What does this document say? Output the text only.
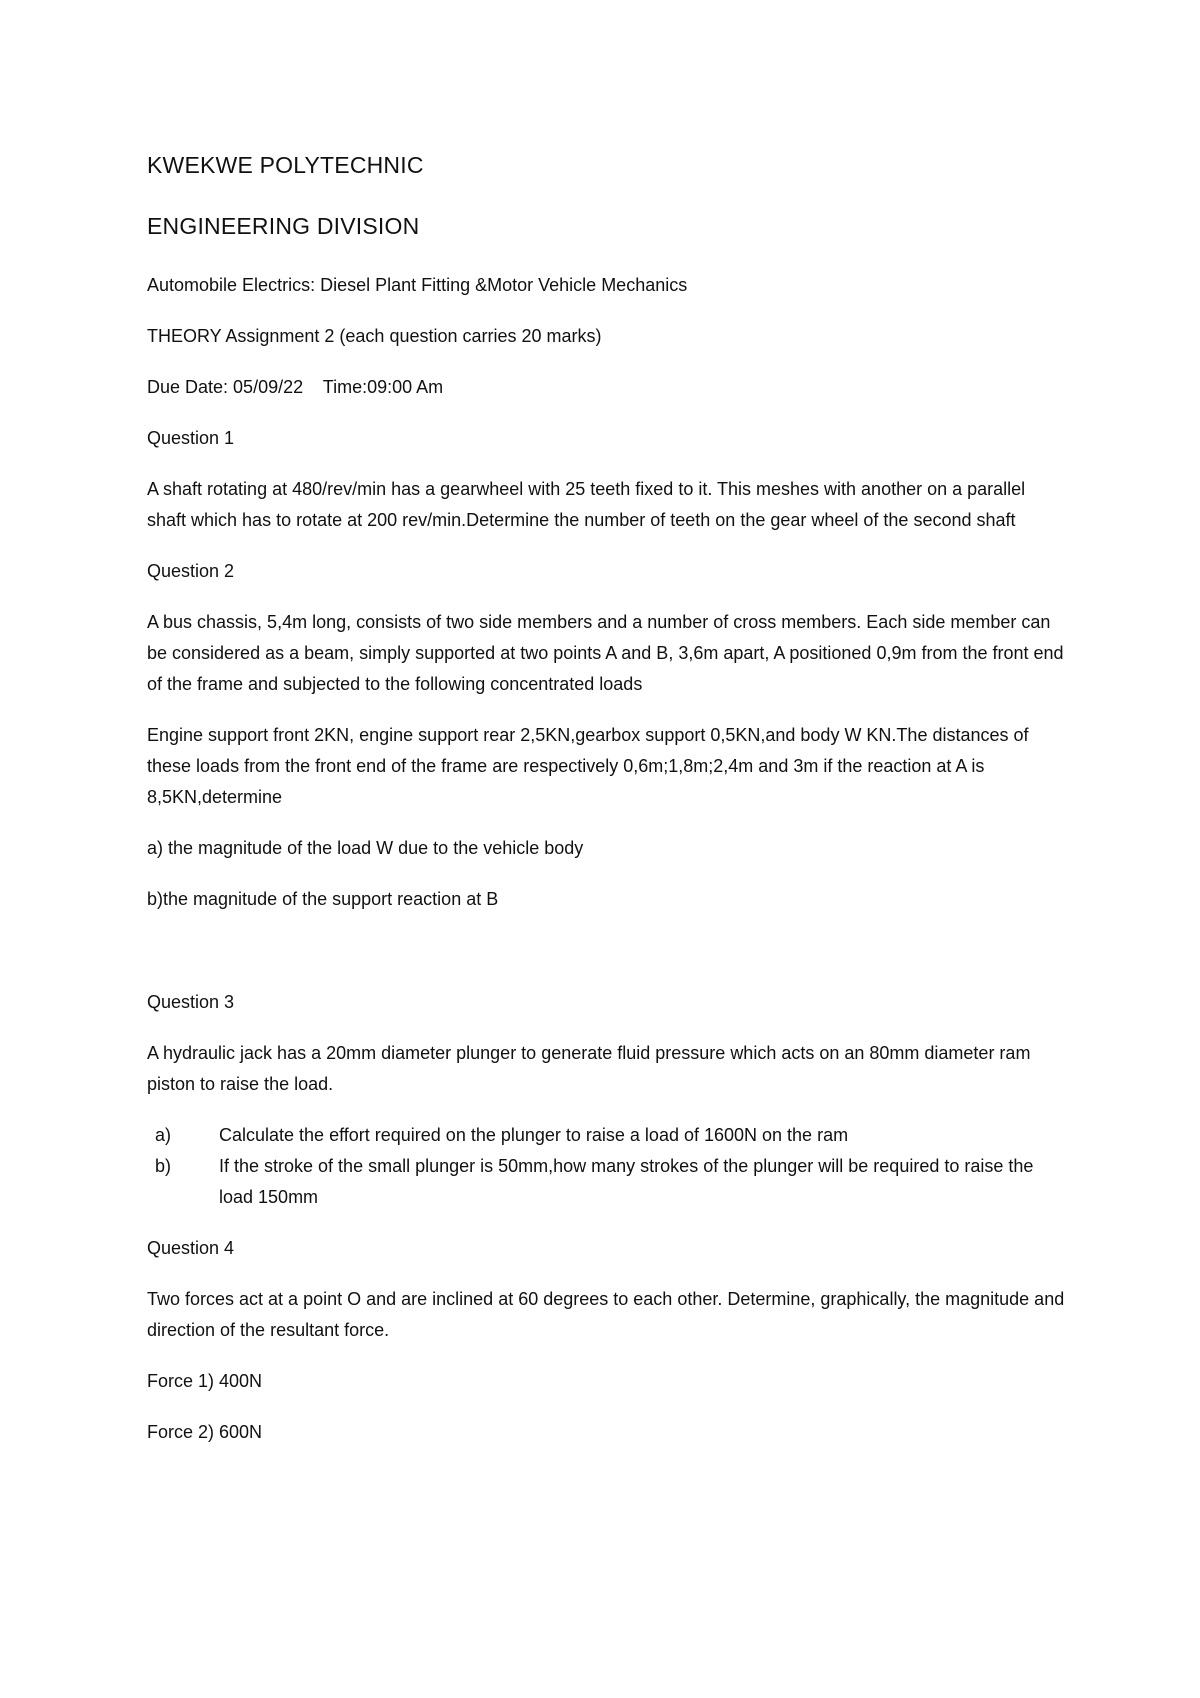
KWEKWE POLYTECHNIC
ENGINEERING DIVISION
Automobile Electrics: Diesel Plant Fitting &Motor Vehicle Mechanics
THEORY Assignment 2 (each question carries 20 marks)
Due Date: 05/09/22    Time:09:00 Am
Question 1
A shaft rotating at 480/rev/min has a gearwheel with 25 teeth fixed to it. This meshes with another on a parallel shaft which has to rotate at 200 rev/min.Determine the number of teeth on the gear wheel of the second shaft
Question 2
A bus chassis, 5,4m long, consists of two side members and a number of cross members. Each side member can be considered as a beam, simply supported at two points A and B, 3,6m apart, A positioned 0,9m from the front end of the frame and subjected to the following concentrated loads
Engine support front 2KN, engine support rear 2,5KN,gearbox support 0,5KN,and body W KN.The distances of these loads from the front end of the frame are respectively 0,6m;1,8m;2,4m and 3m if the reaction at A is 8,5KN,determine
a) the magnitude of the load W due to the vehicle body
b)the magnitude of the support reaction at B
Question 3
A hydraulic jack has a 20mm diameter plunger to generate fluid pressure which acts on an 80mm diameter ram piston to raise the load.
a)	Calculate the effort required on the plunger to raise a load of 1600N on the ram
b)	If the stroke of the small plunger is 50mm,how many strokes of the plunger will be required to raise the load 150mm
Question 4
Two forces act at a point O and are inclined at 60 degrees to each other. Determine, graphically, the magnitude and direction of the resultant force.
Force 1) 400N
Force 2) 600N
